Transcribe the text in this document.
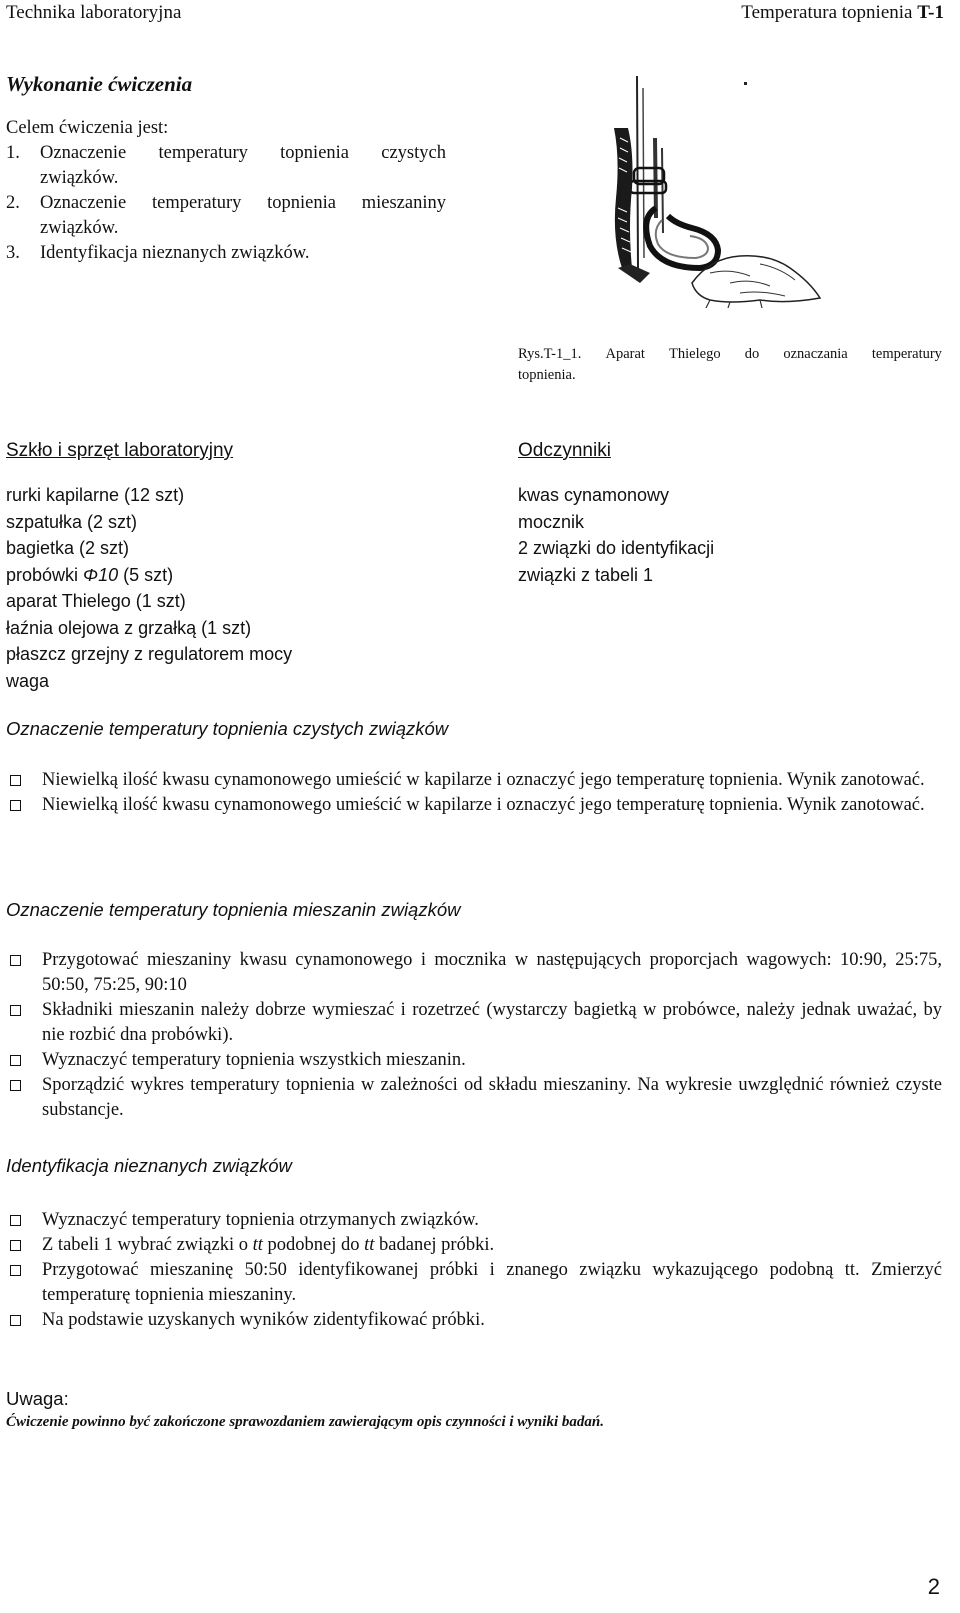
Technika laboratoryjna	Temperatura topnienia T-1
Wykonanie ćwiczenia
Celem ćwiczenia jest:
1.	Oznaczenie temperatury topnienia czystych związków.
2.	Oznaczenie temperatury topnienia mieszaniny związków.
3.	Identyfikacja nieznanych związków.
Rys.T-1_1. Aparat Thielego do oznaczania temperatury
topnienia.
Szkło i sprzęt laboratoryjny
rurki kapilarne (12 szt)
szpatułka (2 szt)
bagietka (2 szt)
probówki Φ10 (5 szt)
aparat Thielego (1 szt)
łaźnia olejowa z grzałką (1 szt)
płaszcz grzejny z regulatorem mocy
waga
Odczynniki
kwas cynamonowy
mocznik
2 związki do identyfikacji
związki z tabeli 1
Oznaczenie temperatury topnienia czystych związków
Niewielką ilość kwasu cynamonowego umieścić w kapilarze i oznaczyć jego temperaturę topnienia. Wynik zanotować.
Niewielką ilość kwasu cynamonowego umieścić w kapilarze i oznaczyć jego temperaturę topnienia. Wynik zanotować.
Oznaczenie temperatury topnienia mieszanin związków
Przygotować mieszaniny kwasu cynamonowego i mocznika w następujących proporcjach wagowych: 10:90, 25:75, 50:50, 75:25, 90:10
Składniki mieszanin należy dobrze wymieszać i rozetrzeć (wystarczy bagietką w probówce, należy jednak uważać, by nie rozbić dna probówki).
Wyznaczyć temperatury topnienia wszystkich mieszanin.
Sporządzić wykres temperatury topnienia w zależności od składu mieszaniny. Na wykresie uwzględnić również czyste substancje.
Identyfikacja nieznanych związków
Wyznaczyć temperatury topnienia otrzymanych związków.
Z tabeli 1 wybrać związki o tt podobnej do tt badanej próbki.
Przygotować mieszaninę 50:50 identyfikowanej próbki i znanego związku wykazującego podobną tt. Zmierzyć temperaturę topnienia mieszaniny.
Na podstawie uzyskanych wyników zidentyfikować próbki.
Uwaga:
Ćwiczenie powinno być zakończone sprawozdaniem zawierającym opis czynności i wyniki badań.
2
